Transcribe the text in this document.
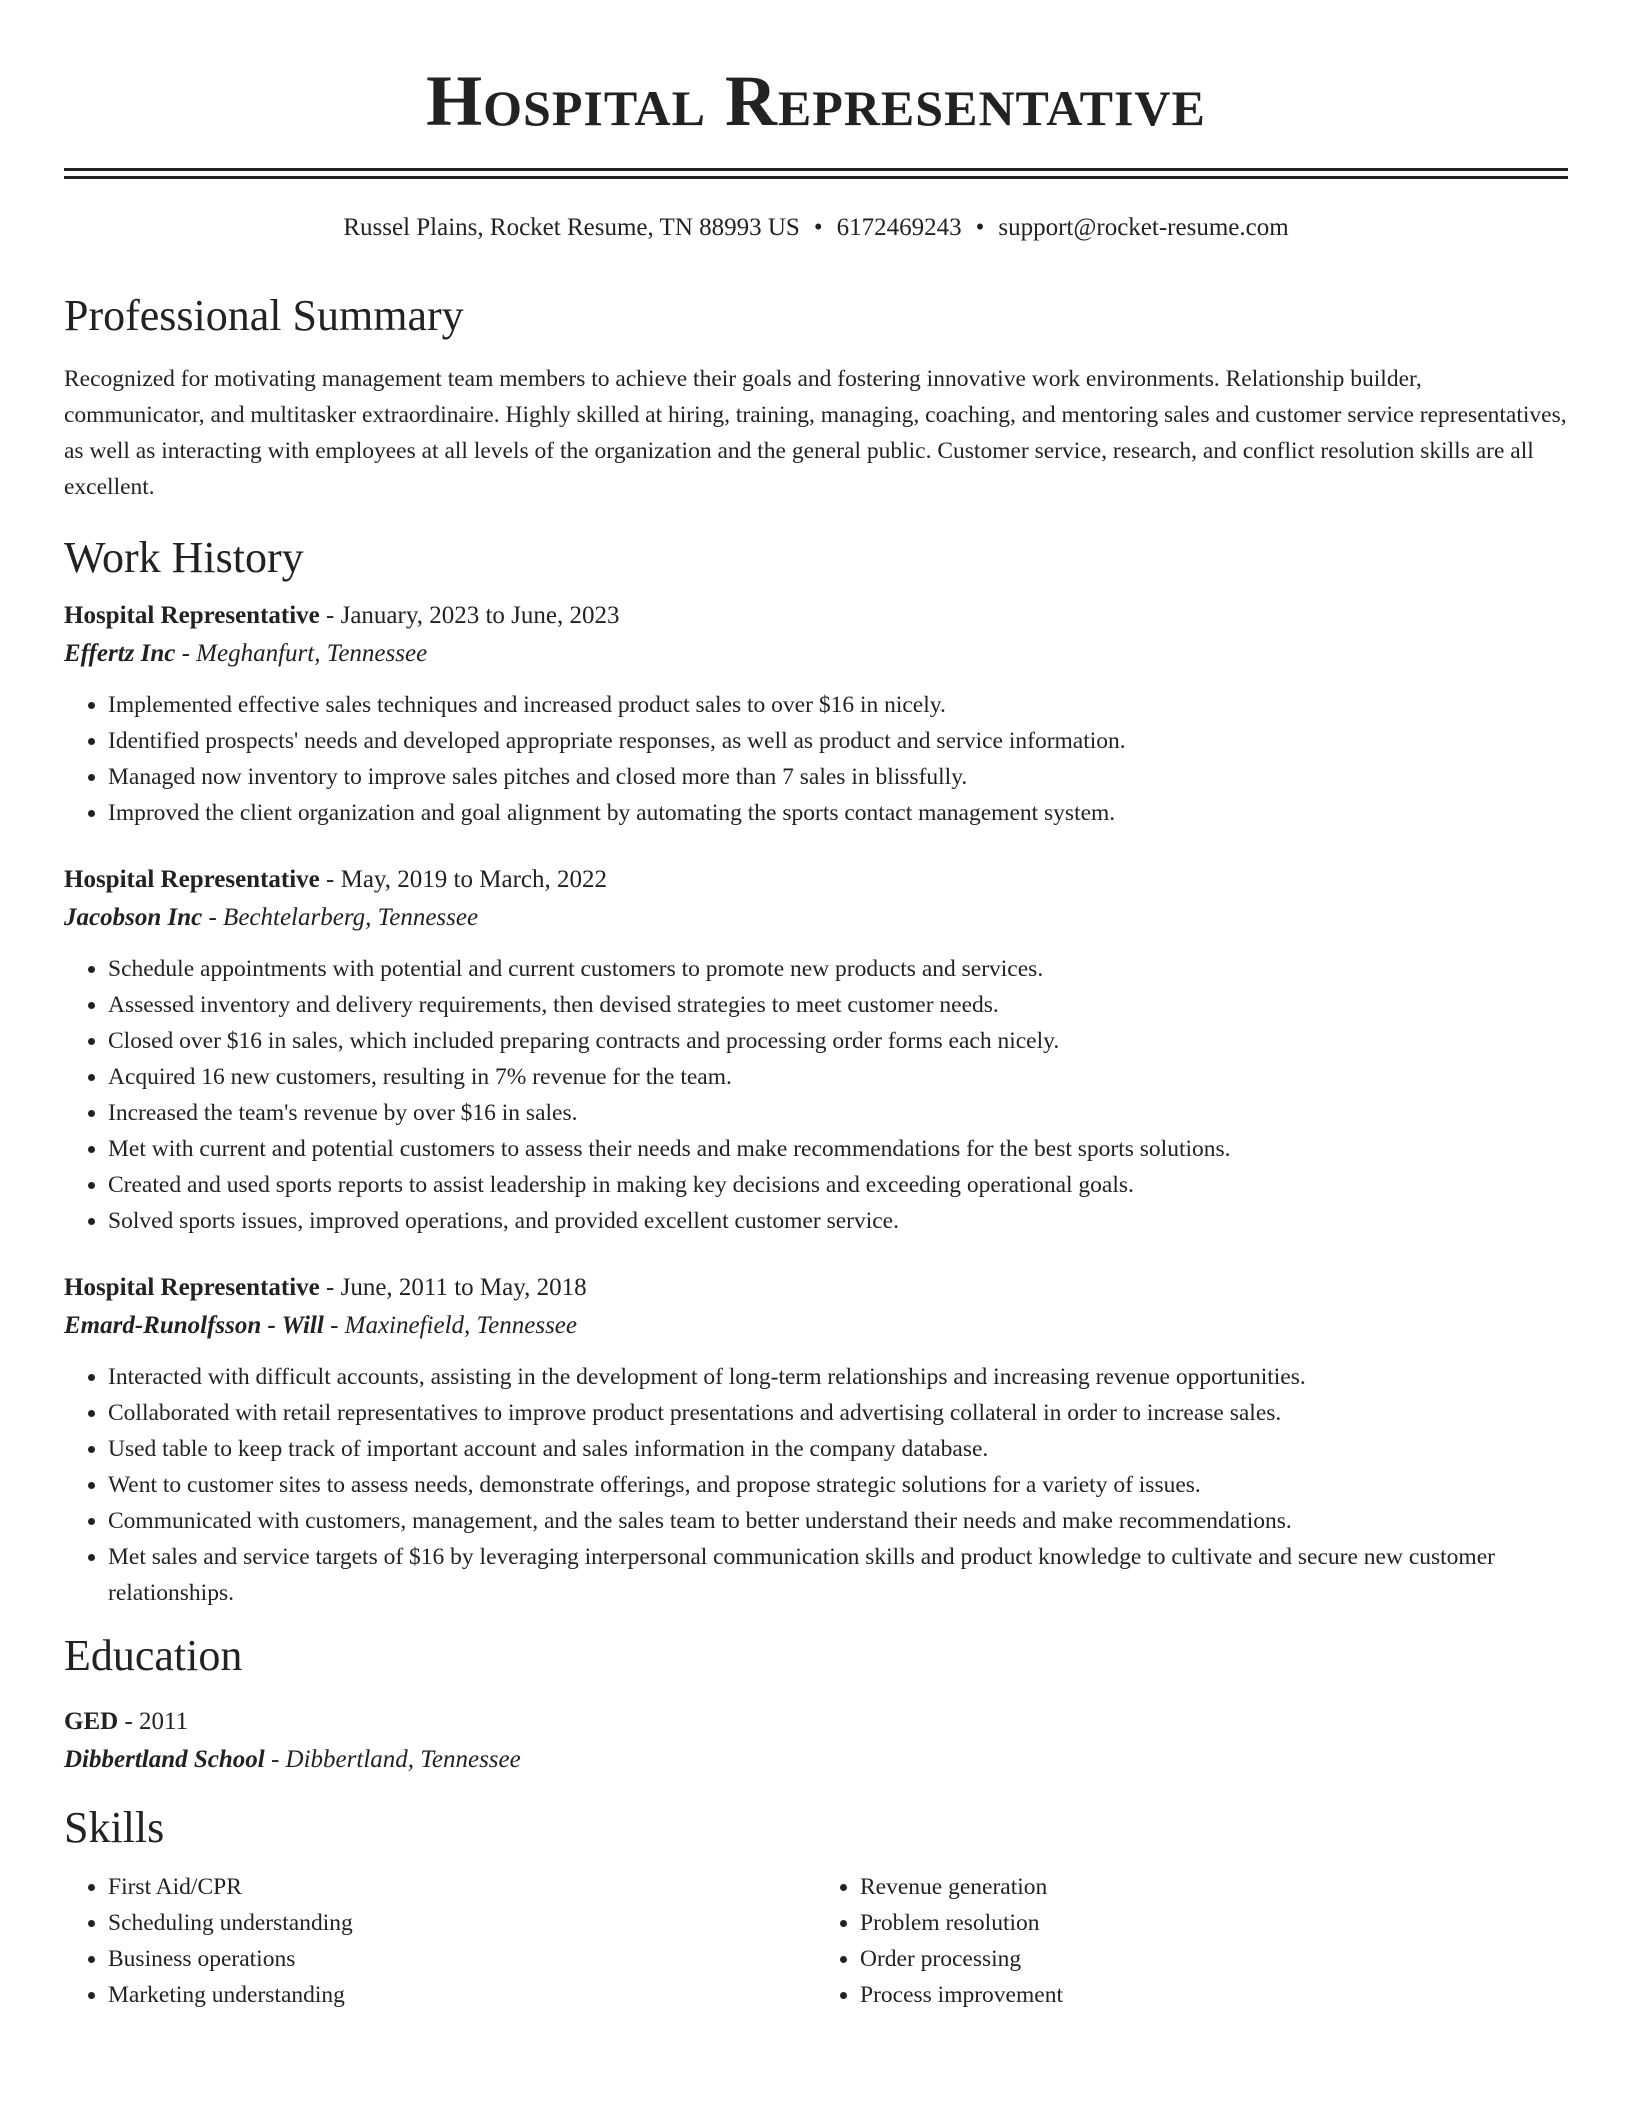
Hospital Representative
Russel Plains, Rocket Resume, TN 88993 US • 6172469243 • support@rocket-resume.com
Professional Summary

Recognized for motivating management team members to achieve their goals and fostering innovative work environments. Relationship builder, communicator, and multitasker extraordinaire. Highly skilled at hiring, training, managing, coaching, and mentoring sales and customer service representatives, as well as interacting with employees at all levels of the organization and the general public. Customer service, research, and conflict resolution skills are all excellent.

Work History
Hospital Representative - January, 2023 to June, 2023
Effertz Inc - Meghanfurt, Tennessee
• Implemented effective sales techniques and increased product sales to over $16 in nicely.
• Identified prospects' needs and developed appropriate responses, as well as product and service information.
• Managed now inventory to improve sales pitches and closed more than 7 sales in blissfully.
• Improved the client organization and goal alignment by automating the sports contact management system.
Hospital Representative - May, 2019 to March, 2022
Jacobson Inc - Bechtelarberg, Tennessee
• Schedule appointments with potential and current customers to promote new products and services.
• Assessed inventory and delivery requirements, then devised strategies to meet customer needs.
• Closed over $16 in sales, which included preparing contracts and processing order forms each nicely.
• Acquired 16 new customers, resulting in 7% revenue for the team.
• Increased the team's revenue by over $16 in sales.
• Met with current and potential customers to assess their needs and make recommendations for the best sports solutions.
• Created and used sports reports to assist leadership in making key decisions and exceeding operational goals.
• Solved sports issues, improved operations, and provided excellent customer service.
Hospital Representative - June, 2011 to May, 2018
Emard-Runolfsson - Will - Maxinefield, Tennessee
• Interacted with difficult accounts, assisting in the development of long-term relationships and increasing revenue opportunities.
• Collaborated with retail representatives to improve product presentations and advertising collateral in order to increase sales.
• Used table to keep track of important account and sales information in the company database.
• Went to customer sites to assess needs, demonstrate offerings, and propose strategic solutions for a variety of issues.
• Communicated with customers, management, and the sales team to better understand their needs and make recommendations.
• Met sales and service targets of $16 by leveraging interpersonal communication skills and product knowledge to cultivate and secure new customer relationships.
Education
GED - 2011
Dibbertland School - Dibbertland, Tennessee
Skills
• First Aid/CPR
• Scheduling understanding
• Business operations
• Marketing understanding
• Revenue generation
• Problem resolution
• Order processing
• Process improvement
